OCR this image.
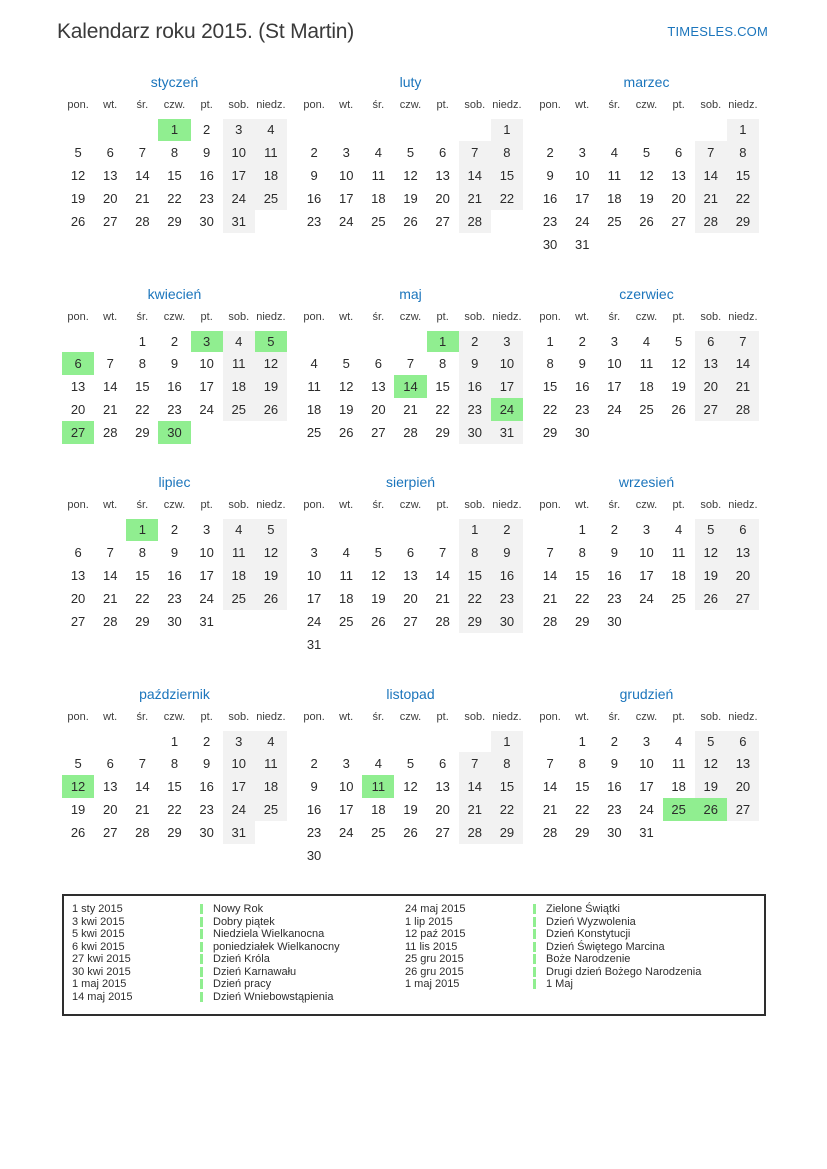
Kalendarz roku 2015. (St Martin)	TIMESLES.COM
styczeń
pon.	wt.	śr.	czw.	pt.	sob.	niedz.
			1	2	3	4
5	6	7	8	9	10	11
12	13	14	15	16	17	18
19	20	21	22	23	24	25
26	27	28	29	30	31	
luty
pon.	wt.	śr.	czw.	pt.	sob.	niedz.
						1
2	3	4	5	6	7	8
9	10	11	12	13	14	15
16	17	18	19	20	21	22
23	24	25	26	27	28	
marzec
pon.	wt.	śr.	czw.	pt.	sob.	niedz.
						1
2	3	4	5	6	7	8
9	10	11	12	13	14	15
16	17	18	19	20	21	22
23	24	25	26	27	28	29
30	31					
kwiecień
pon.	wt.	śr.	czw.	pt.	sob.	niedz.
		1	2	3	4	5
6	7	8	9	10	11	12
13	14	15	16	17	18	19
20	21	22	23	24	25	26
27	28	29	30			
maj
pon.	wt.	śr.	czw.	pt.	sob.	niedz.
				1	2	3
4	5	6	7	8	9	10
11	12	13	14	15	16	17
18	19	20	21	22	23	24
25	26	27	28	29	30	31
czerwiec
pon.	wt.	śr.	czw.	pt.	sob.	niedz.
1	2	3	4	5	6	7
8	9	10	11	12	13	14
15	16	17	18	19	20	21
22	23	24	25	26	27	28
29	30					
lipiec
pon.	wt.	śr.	czw.	pt.	sob.	niedz.
		1	2	3	4	5
6	7	8	9	10	11	12
13	14	15	16	17	18	19
20	21	22	23	24	25	26
27	28	29	30	31		
sierpień
pon.	wt.	śr.	czw.	pt.	sob.	niedz.
					1	2
3	4	5	6	7	8	9
10	11	12	13	14	15	16
17	18	19	20	21	22	23
24	25	26	27	28	29	30
31						
wrzesień
pon.	wt.	śr.	czw.	pt.	sob.	niedz.
	1	2	3	4	5	6
7	8	9	10	11	12	13
14	15	16	17	18	19	20
21	22	23	24	25	26	27
28	29	30				
październik
pon.	wt.	śr.	czw.	pt.	sob.	niedz.
			1	2	3	4
5	6	7	8	9	10	11
12	13	14	15	16	17	18
19	20	21	22	23	24	25
26	27	28	29	30	31	
listopad
pon.	wt.	śr.	czw.	pt.	sob.	niedz.
						1
2	3	4	5	6	7	8
9	10	11	12	13	14	15
16	17	18	19	20	21	22
23	24	25	26	27	28	29
30						
grudzień
pon.	wt.	śr.	czw.	pt.	sob.	niedz.
	1	2	3	4	5	6
7	8	9	10	11	12	13
14	15	16	17	18	19	20
21	22	23	24	25	26	27
28	29	30	31			
1 sty 2015	Nowy Rok
3 kwi 2015	Dobry piątek
5 kwi 2015	Niedziela Wielkanocna
6 kwi 2015	poniedziałek Wielkanocny
27 kwi 2015	Dzień Króla
30 kwi 2015	Dzień Karnawału
1 maj 2015	Dzień pracy
14 maj 2015	Dzień Wniebowstąpienia
24 maj 2015	Zielone Świątki
1 lip 2015	Dzień Wyzwolenia
12 paź 2015	Dzień Konstytucji
11 lis 2015	Dzień Świętego Marcina
25 gru 2015	Boże Narodzenie
26 gru 2015	Drugi dzień Bożego Narodzenia
1 maj 2015	1 Maj
